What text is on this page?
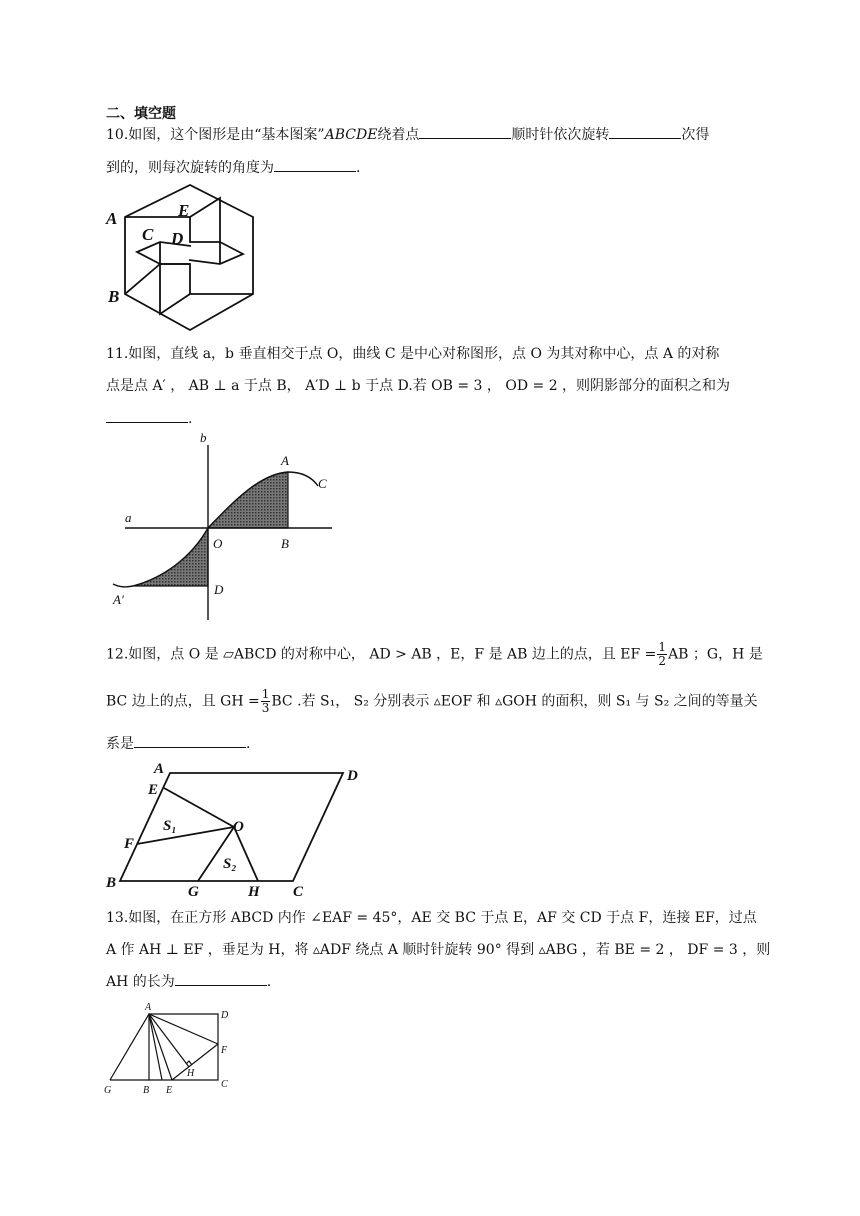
二、填空题
10.如图，这个图形是由“基本图案”ABCDE绕着点	顺时针依次旋转	次得
到的，则每次旋转的角度为	.
A
B
C D
E
11.如图，直线 a，b 垂直相交于点 O，曲线 C 是中心对称图形，点 O 为其对称中心，点 A 的对称
点是点 A′ ， AB ⊥ a 于点 B， A′D ⊥ b 于点 D.若 OB = 3 ， OD = 2 ，则阴影部分的面积之和为
.
b
A
C
a
O	B
A′
D
12.如图，点 O 是 ▱ABCD 的对称中心， AD > AB ，E，F 是 AB 边上的点，且 EF = $\frac{1}{2}$ AB ；G，H 是
BC 边上的点，且 GH = $\frac{1}{3}$ BC .若 S₁， S₂ 分别表示 ▵EOF 和 ▵GOH 的面积，则 S₁ 与 S₂ 之间的等量关
系是	.
A	D
E
S₁	O
F
S₂
B
G	H C
13.如图，在正方形 ABCD 内作 ∠EAF = 45°，AE 交 BC 于点 E，AF 交 CD 于点 F，连接 EF，过点
A 作 AH ⊥ EF ，垂足为 H，将 ▵ADF 绕点 A 顺时针旋转 90° 得到 ▵ABG ，若 BE = 2 ， DF = 3 ，则
AH 的长为	.
A
D
F
H
G	B E
C
